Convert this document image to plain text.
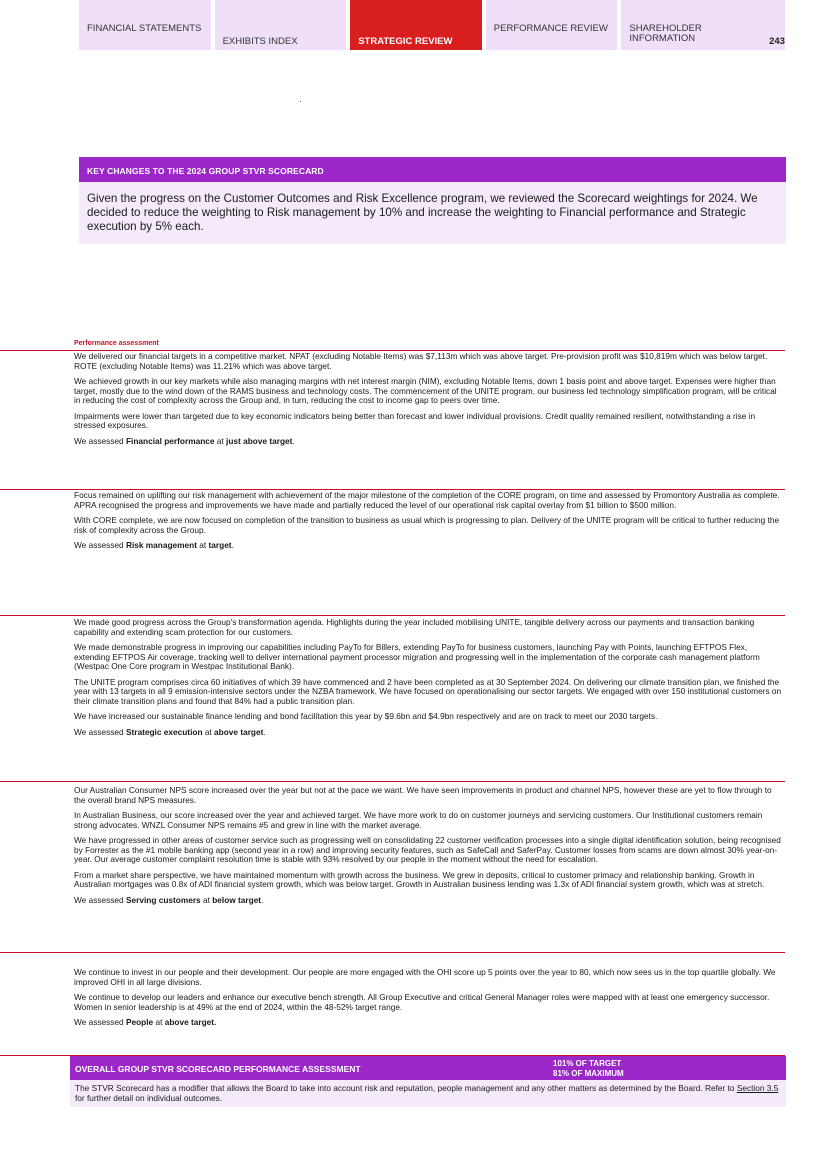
FINANCIAL STATEMENTS
EXHIBITS INDEX	STRATEGIC REVIEW
PERFORMANCE REVIEW	SHAREHOLDER INFORMATION	243
KEY CHANGES TO THE 2024 GROUP STVR SCORECARD
Given the progress on the Customer Outcomes and Risk Excellence program, we reviewed the Scorecard weightings for 2024. We decided to reduce the weighting to Risk management by 10% and increase the weighting to Financial performance and Strategic execution by 5% each.
Performance assessment

We delivered our financial targets in a competitive market. NPAT (excluding Notable Items) was $7,113m which was above target. Pre-provision profit was $10,819m which was below target. ROTE (excluding Notable Items) was 11.21% which was above target.

We achieved growth in our key markets while also managing margins with net interest margin (NIM), excluding Notable Items, down 1 basis point and above target. Expenses were higher than target, mostly due to the wind down of the RAMS business and technology costs. The commencement of the UNITE program, our business led technology simplification program, will be critical in reducing the cost of complexity across the Group and, in turn, reducing the cost to income gap to peers over time.

Impairments were lower than targeted due to key economic indicators being better than forecast and lower individual provisions. Credit quality remained resilient, notwithstanding a rise in stressed exposures.

We assessed Financial performance at just above target.

Focus remained on uplifting our risk management with achievement of the major milestone of the completion of the CORE program, on time and assessed by Promontory Australia as complete. APRA recognised the progress and improvements we have made and partially reduced the level of our operational risk capital overlay from $1 billion to $500 million.

With CORE complete, we are now focused on completion of the transition to business as usual which is progressing to plan. Delivery of the UNITE program will be critical to further reducing the risk of complexity across the Group.

We assessed Risk management at target.

We made good progress across the Group's transformation agenda. Highlights during the year included mobilising UNITE, tangible delivery across our payments and transaction banking capability and extending scam protection for our customers.

We made demonstrable progress in improving our capabilities including PayTo for Billers, extending PayTo for business customers, launching Pay with Points, launching EFTPOS Flex, extending EFTPOS Air coverage, tracking well to deliver international payment processor migration and progressing well in the implementation of the corporate cash management platform (Westpac One Core program in Westpac Institutional Bank).

The UNITE program comprises circa 60 initiatives of which 39 have commenced and 2 have been completed as at 30 September 2024. On delivering our climate transition plan, we finished the year with 13 targets in all 9 emission-intensive sectors under the NZBA framework. We have focused on operationalising our sector targets. We engaged with over 150 institutional customers on their climate transition plans and found that 84% had a public transition plan.

We have increased our sustainable finance lending and bond facilitation this year by $9.6bn and $4.9bn respectively and are on track to meet our 2030 targets.

We assessed Strategic execution at above target.

Our Australian Consumer NPS score increased over the year but not at the pace we want. We have seen improvements in product and channel NPS, however these are yet to flow through to the overall brand NPS measures.

In Australian Business, our score increased over the year and achieved target. We have more work to do on customer journeys and servicing customers. Our Institutional customers remain strong advocates. WNZL Consumer NPS remains #5 and grew in line with the market average.

We have progressed in other areas of customer service such as progressing well on consolidating 22 customer verification processes into a single digital identification solution, being recognised by Forrester as the #1 mobile banking app (second year in a row) and improving security features, such as SafeCall and SaferPay. Customer losses from scams are down almost 30% year-on-year. Our average customer complaint resolution time is stable with 93% resolved by our people in the moment without the need for escalation.

From a market share perspective, we have maintained momentum with growth across the business. We grew in deposits, critical to customer primacy and relationship banking. Growth in Australian mortgages was 0.8x of ADI financial system growth, which was below target. Growth in Australian business lending was 1.3x of ADI financial system growth, which was at stretch.

We assessed Serving customers at below target.

We continue to invest in our people and their development. Our people are more engaged with the OHI score up 5 points over the year to 80, which now sees us in the top quartile globally. We improved OHI in all large divisions.

We continue to develop our leaders and enhance our executive bench strength. All Group Executive and critical General Manager roles were mapped with at least one emergency successor. Women in senior leadership is at 49% at the end of 2024, within the 48-52% target range.

We assessed People at above target.

OVERALL GROUP STVR SCORECARD PERFORMANCE ASSESSMENT
101% OF TARGET
81% OF MAXIMUM
The STVR Scorecard has a modifier that allows the Board to take into account risk and reputation, people management and any other matters as determined by the Board. Refer to Section 3.5 for further detail on individual outcomes.
